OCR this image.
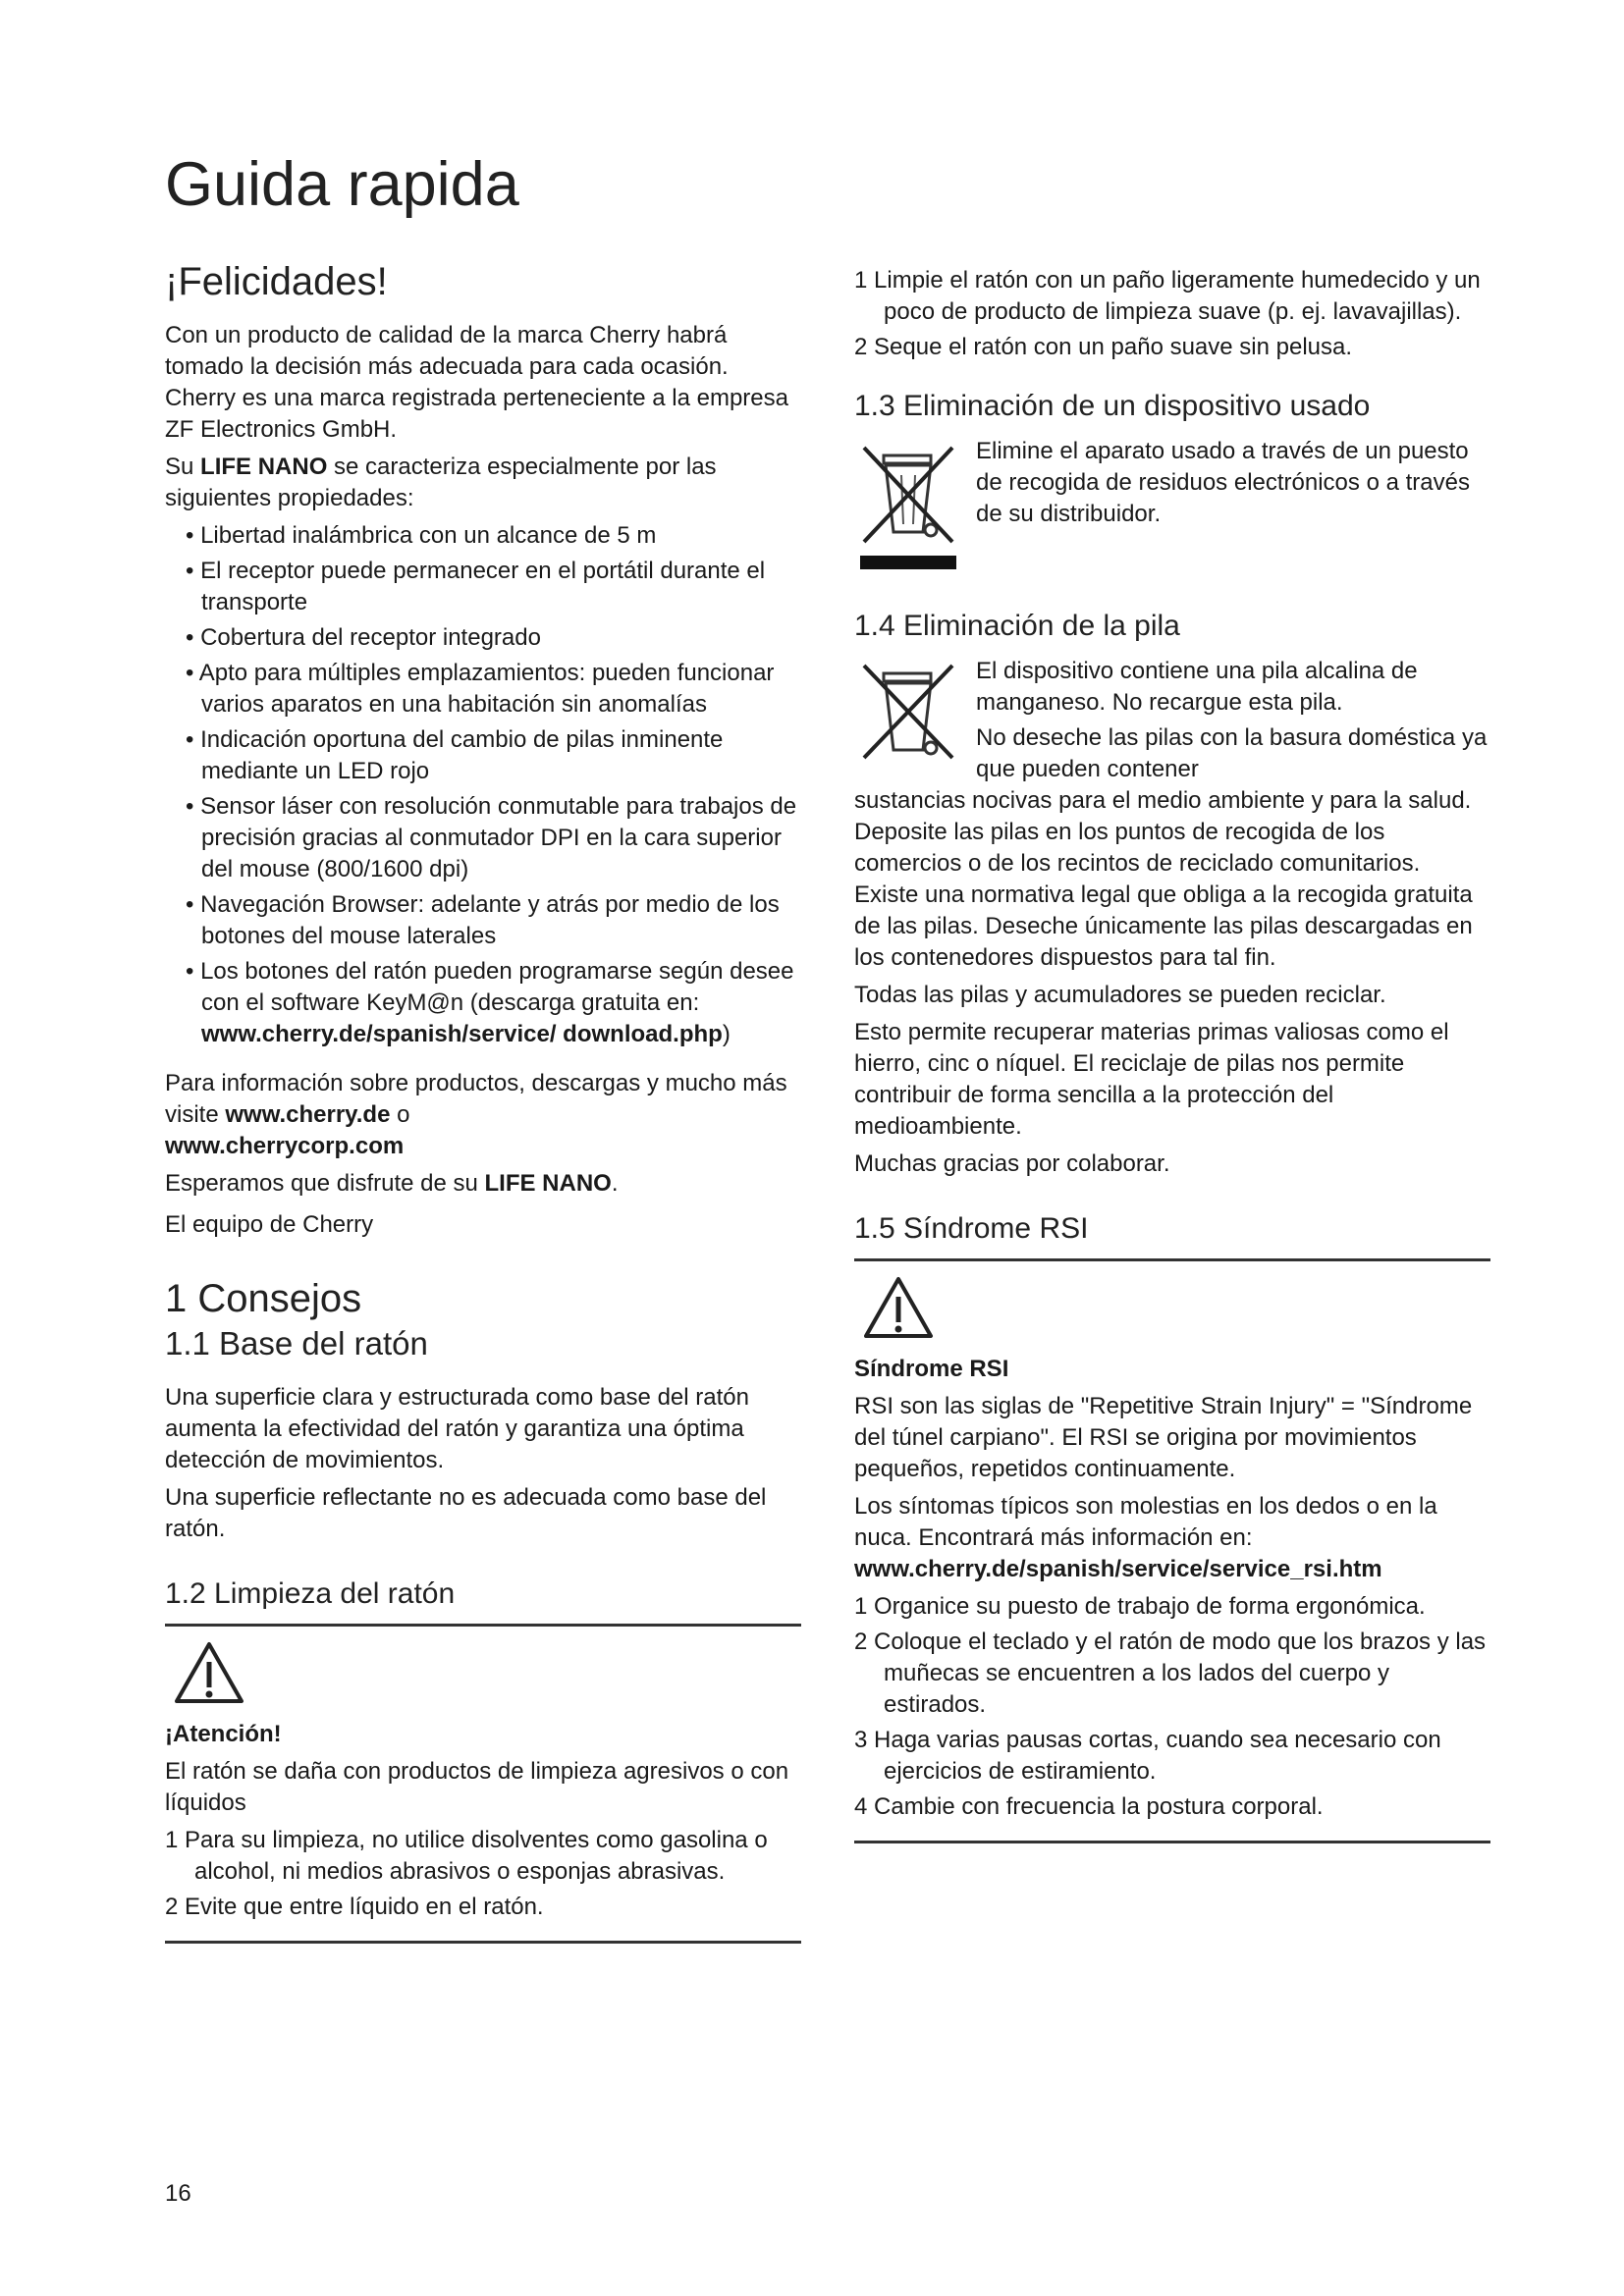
Guida rapida
¡Felicidades!

Con un producto de calidad de la marca Cherry habrá tomado la decisión más adecuada para cada ocasión. Cherry es una marca registrada perteneciente a la empresa ZF Electronics GmbH.

Su LIFE NANO se caracteriza especialmente por las siguientes propiedades:

• Libertad inalámbrica con un alcance de 5 m
• El receptor puede permanecer en el portátil durante el transporte
• Cobertura del receptor integrado
• Apto para múltiples emplazamientos: pueden funcionar varios aparatos en una habitación sin anomalías
• Indicación oportuna del cambio de pilas inminente mediante un LED rojo
• Sensor láser con resolución conmutable para trabajos de precisión gracias al conmutador DPI en la cara superior del mouse (800/1600 dpi)
• Navegación Browser: adelante y atrás por medio de los botones del mouse laterales
• Los botones del ratón pueden programarse según desee con el software KeyM@n (descarga gratuita en: www.cherry.de/spanish/service/ download.php)

Para información sobre productos, descargas y mucho más visite www.cherry.de o
www.cherrycorp.com

Esperamos que disfrute de su LIFE NANO.

El equipo de Cherry

1 Consejos
1.1 Base del ratón

Una superficie clara y estructurada como base del ratón aumenta la efectividad del ratón y garantiza una óptima detección de movimientos.

Una superficie reflectante no es adecuada como base del ratón.

1.2 Limpieza del ratón

¡Atención!

El ratón se daña con productos de limpieza agresivos o con líquidos

1 Para su limpieza, no utilice disolventes como gasolina o alcohol, ni medios abrasivos o esponjas abrasivas.
2 Evite que entre líquido en el ratón.
1 Limpie el ratón con un paño ligeramente humedecido y un poco de producto de limpieza suave (p. ej. lavavajillas).
2 Seque el ratón con un paño suave sin pelusa.
1.3 Eliminación de un dispositivo usado

Elimine el aparato usado a través de un puesto de recogida de residuos electrónicos o a través de su distribuidor.

1.4 Eliminación de la pila

El dispositivo contiene una pila alcalina de manganeso. No recargue esta pila.

No deseche las pilas con la basura doméstica ya que pueden contener

sustancias nocivas para el medio ambiente y para la salud. Deposite las pilas en los puntos de recogida de los comercios o de los recintos de reciclado comunitarios. Existe una normativa legal que obliga a la recogida gratuita de las pilas. Deseche únicamente las pilas descargadas en los contenedores dispuestos para tal fin.

Todas las pilas y acumuladores se pueden reciclar.

Esto permite recuperar materias primas valiosas como el hierro, cinc o níquel. El reciclaje de pilas nos permite contribuir de forma sencilla a la protección del medioambiente.

Muchas gracias por colaborar.

1.5 Síndrome RSI

Síndrome RSI

RSI son las siglas de "Repetitive Strain Injury" = "Síndrome del túnel carpiano". El RSI se origina por movimientos pequeños, repetidos continuamente.

Los síntomas típicos son molestias en los dedos o en la nuca. Encontrará más información en:

www.cherry.de/spanish/service/service_rsi.htm

1 Organice su puesto de trabajo de forma ergonómica.
2 Coloque el teclado y el ratón de modo que los brazos y las muñecas se encuentren a los lados del cuerpo y estirados.
3 Haga varias pausas cortas, cuando sea necesario con ejercicios de estiramiento.
4 Cambie con frecuencia la postura corporal.
16
